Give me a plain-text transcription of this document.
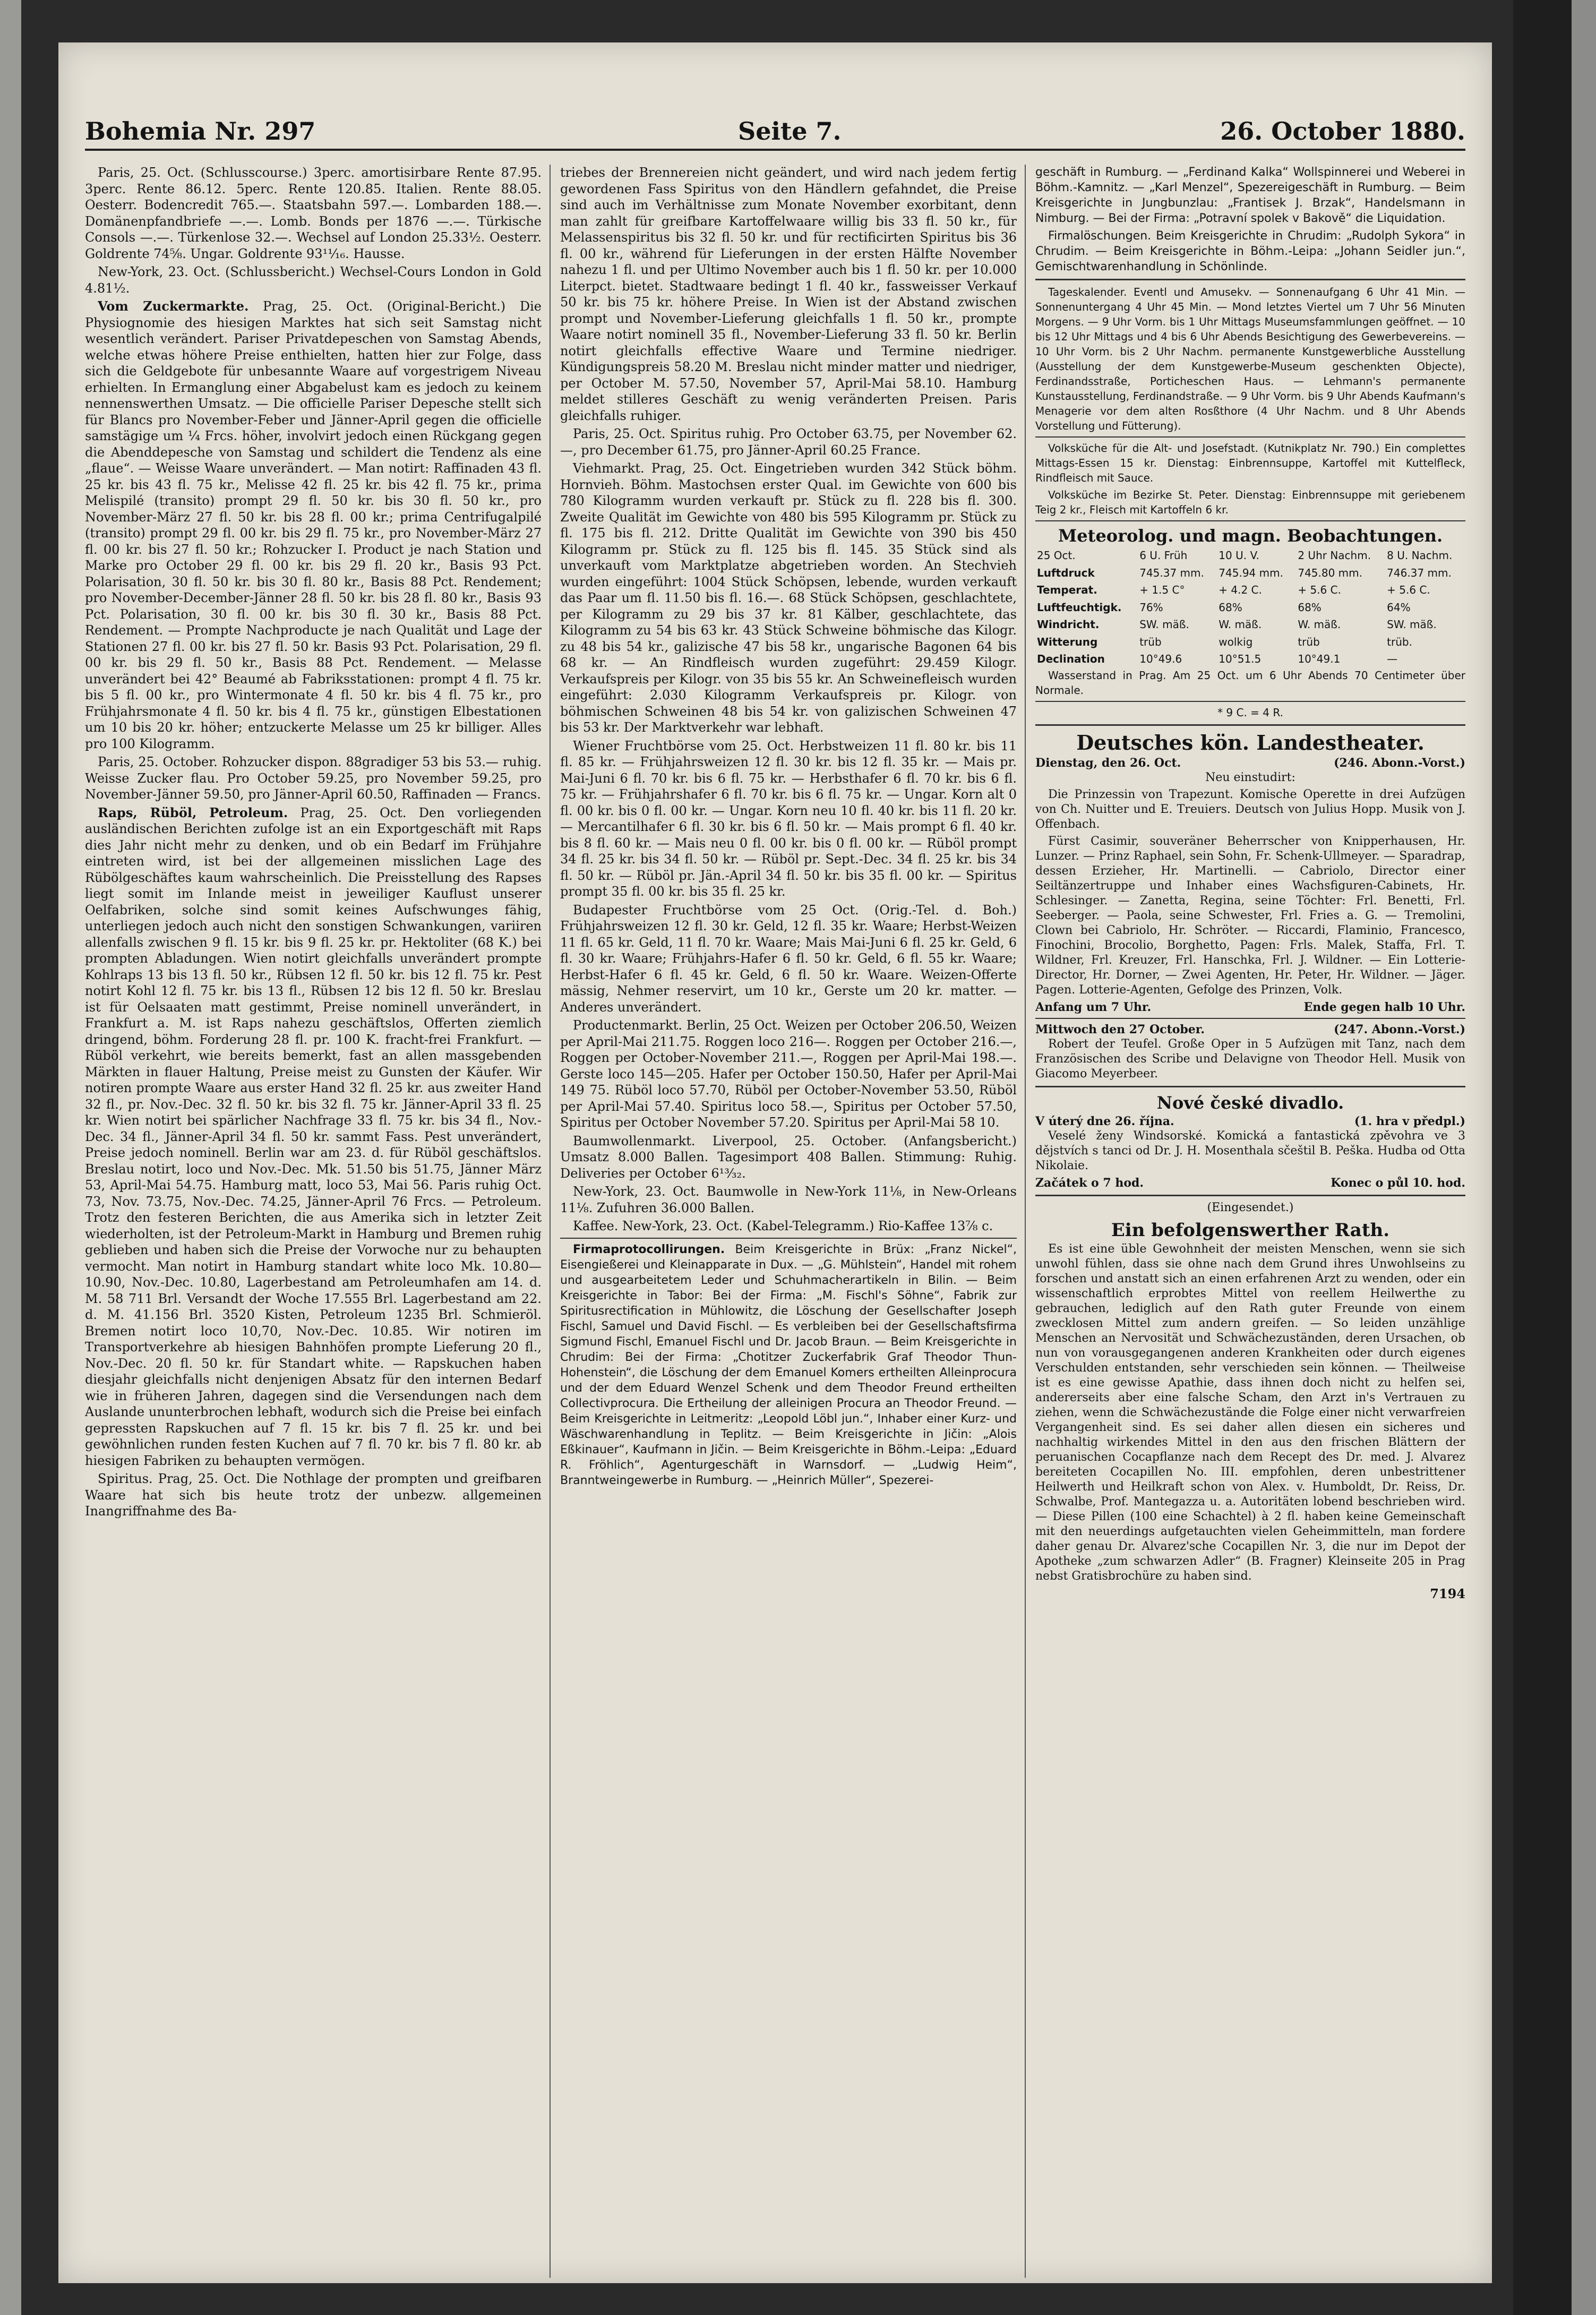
Bohemia Nr. 297	Seite 7.	26. October 1880.

Paris, 25. Oct. (Schlusscourse.) 3perc. amortisirbare Rente 87.95. 3perc. Rente 86.12. 5perc. Rente 120.85. Italien. Rente 88.05. Oesterr. Bodencredit 765.—. Staatsbahn 597.—. Lombarden 188.—. Domänenpfandbriefe —.—. Lomb. Bonds per 1876 —.—. Türkische Consols —.—. Türkenlose 32.—. Wechsel auf London 25.33½. Oesterr. Goldrente 74⅝. Ungar. Goldrente 93¹¹⁄₁₆. Hausse.

New-York, 23. Oct. (Schlussbericht.) Wechsel-Cours London in Gold 4.81½.

Vom Zuckermarkte. Prag, 25. Oct. (Original-Bericht.) Die Physiognomie des hiesigen Marktes hat sich seit Samstag nicht wesentlich verändert. Pariser Privatdepeschen von Samstag Abends, welche etwas höhere Preise enthielten, hatten hier zur Folge, dass sich die Geldgebote für unbesannte Waare auf vorgestrigem Niveau erhielten. In Ermanglung einer Abgabelust kam es jedoch zu keinem nennenswerthen Umsatz. — Die officielle Pariser Depesche stellt sich für Blancs pro November-Feber und Jänner-April gegen die officielle samstägige um ¼ Frcs. höher, involvirt jedoch einen Rückgang gegen die Abenddepesche von Samstag und schildert die Tendenz als eine „flaue“. — Weisse Waare unverändert. — Man notirt: Raffinaden 43 fl. 25 kr. bis 43 fl. 75 kr., Melisse 42 fl. 25 kr. bis 42 fl. 75 kr., prima Melispilé (transito) prompt 29 fl. 50 kr. bis 30 fl. 50 kr., pro November-März 27 fl. 50 kr. bis 28 fl. 00 kr.; prima Centrifugalpilé (transito) prompt 29 fl. 00 kr. bis 29 fl. 75 kr., pro November-März 27 fl. 00 kr. bis 27 fl. 50 kr.; Rohzucker I. Product je nach Station und Marke pro October 29 fl. 00 kr. bis 29 fl. 20 kr., Basis 93 Pct. Polarisation, 30 fl. 50 kr. bis 30 fl. 80 kr., Basis 88 Pct. Rendement; pro November-December-Jänner 28 fl. 50 kr. bis 28 fl. 80 kr., Basis 93 Pct. Polarisation, 30 fl. 00 kr. bis 30 fl. 30 kr., Basis 88 Pct. Rendement. — Prompte Nachproducte je nach Qualität und Lage der Stationen 27 fl. 00 kr. bis 27 fl. 50 kr. Basis 93 Pct. Polarisation, 29 fl. 00 kr. bis 29 fl. 50 kr., Basis 88 Pct. Rendement. — Melasse unverändert bei 42° Beaumé ab Fabriksstationen: prompt 4 fl. 75 kr. bis 5 fl. 00 kr., pro Wintermonate 4 fl. 50 kr. bis 4 fl. 75 kr., pro Frühjahrsmonate 4 fl. 50 kr. bis 4 fl. 75 kr., günstigen Elbestationen um 10 bis 20 kr. höher; entzuckerte Melasse um 25 kr billiger. Alles pro 100 Kilogramm.

Paris, 25. October. Rohzucker dispon. 88gradiger 53 bis 53.— ruhig. Weisse Zucker flau. Pro October 59.25, pro November 59.25, pro November-Jänner 59.50, pro Jänner-April 60.50, Raffinaden — Francs.

Raps, Rüböl, Petroleum. Prag, 25. Oct. Den vorliegenden ausländischen Berichten zufolge ist an ein Exportgeschäft mit Raps dies Jahr nicht mehr zu denken, und ob ein Bedarf im Frühjahre eintreten wird, ist bei der allgemeinen misslichen Lage des Rübölgeschäftes kaum wahrscheinlich. Die Preisstellung des Rapses liegt somit im Inlande meist in jeweiliger Kauflust unserer Oelfabriken, solche sind somit keines Aufschwunges fähig, unterliegen jedoch auch nicht den sonstigen Schwankungen, variiren allenfalls zwischen 9 fl. 15 kr. bis 9 fl. 25 kr. pr. Hektoliter (68 K.) bei prompten Abladungen. Wien notirt gleichfalls unverändert prompte Kohlraps 13 bis 13 fl. 50 kr., Rübsen 12 fl. 50 kr. bis 12 fl. 75 kr. Pest notirt Kohl 12 fl. 75 kr. bis 13 fl., Rübsen 12 bis 12 fl. 50 kr. Breslau ist für Oelsaaten matt gestimmt, Preise nominell unverändert, in Frankfurt a. M. ist Raps nahezu geschäftslos, Offerten ziemlich dringend, böhm. Forderung 28 fl. pr. 100 K. fracht-frei Frankfurt. — Rüböl verkehrt, wie bereits bemerkt, fast an allen massgebenden Märkten in flauer Haltung, Preise meist zu Gunsten der Käufer. Wir notiren prompte Waare aus erster Hand 32 fl. 25 kr. aus zweiter Hand 32 fl., pr. Nov.-Dec. 32 fl. 50 kr. bis 32 fl. 75 kr. Jänner-April 33 fl. 25 kr. Wien notirt bei spärlicher Nachfrage 33 fl. 75 kr. bis 34 fl., Nov.-Dec. 34 fl., Jänner-April 34 fl. 50 kr. sammt Fass. Pest unverändert, Preise jedoch nominell. Berlin war am 23. d. für Rüböl geschäftslos. Breslau notirt, loco und Nov.-Dec. Mk. 51.50 bis 51.75, Jänner März 53, April-Mai 54.75. Hamburg matt, loco 53, Mai 56. Paris ruhig Oct. 73, Nov. 73.75, Nov.-Dec. 74.25, Jänner-April 76 Frcs. — Petroleum. Trotz den festeren Berichten, die aus Amerika sich in letzter Zeit wiederholten, ist der Petroleum-Markt in Hamburg und Bremen ruhig geblieben und haben sich die Preise der Vorwoche nur zu behaupten vermocht. Man notirt in Hamburg standart white loco Mk. 10.80—10.90, Nov.-Dec. 10.80, Lagerbestand am Petroleumhafen am 14. d. M. 58 711 Brl. Versandt der Woche 17.555 Brl. Lagerbestand am 22. d. M. 41.156 Brl. 3520 Kisten, Petroleum 1235 Brl. Schmieröl. Bremen notirt loco 10,70, Nov.-Dec. 10.85. Wir notiren im Transportverkehre ab hiesigen Bahnhöfen prompte Lieferung 20 fl., Nov.-Dec. 20 fl. 50 kr. für Standart white. — Rapskuchen haben diesjahr gleichfalls nicht denjenigen Absatz für den internen Bedarf wie in früheren Jahren, dagegen sind die Versendungen nach dem Auslande ununterbrochen lebhaft, wodurch sich die Preise bei einfach gepressten Rapskuchen auf 7 fl. 15 kr. bis 7 fl. 25 kr. und bei gewöhnlichen runden festen Kuchen auf 7 fl. 70 kr. bis 7 fl. 80 kr. ab hiesigen Fabriken zu behaupten vermögen.

Spiritus. Prag, 25. Oct. Die Nothlage der prompten und greifbaren Waare hat sich bis heute trotz der unbezw. allgemeinen Inangriffnahme des Ba-

triebes der Brennereien nicht geändert, und wird nach jedem fertig gewordenen Fass Spiritus von den Händlern gefahndet, die Preise sind auch im Verhältnisse zum Monate November exorbitant, denn man zahlt für greifbare Kartoffelwaare willig bis 33 fl. 50 kr., für Melassenspiritus bis 32 fl. 50 kr. und für rectificirten Spiritus bis 36 fl. 00 kr., während für Lieferungen in der ersten Hälfte November nahezu 1 fl. und per Ultimo November auch bis 1 fl. 50 kr. per 10.000 Literpct. bietet. Stadtwaare bedingt 1 fl. 40 kr., fassweisser Verkauf 50 kr. bis 75 kr. höhere Preise. In Wien ist der Abstand zwischen prompt und November-Lieferung gleichfalls 1 fl. 50 kr., prompte Waare notirt nominell 35 fl., November-Lieferung 33 fl. 50 kr. Berlin notirt gleichfalls effective Waare und Termine niedriger. Kündigungspreis 58.20 M. Breslau nicht minder matter und niedriger, per October M. 57.50, November 57, April-Mai 58.10. Hamburg meldet stilleres Geschäft zu wenig veränderten Preisen. Paris gleichfalls ruhiger.

Paris, 25. Oct. Spiritus ruhig. Pro October 63.75, per November 62.—, pro December 61.75, pro Jänner-April 60.25 France.

Viehmarkt. Prag, 25. Oct. Eingetrieben wurden 342 Stück böhm. Hornvieh. Böhm. Mastochsen erster Qual. im Gewichte von 600 bis 780 Kilogramm wurden verkauft pr. Stück zu fl. 228 bis fl. 300. Zweite Qualität im Gewichte von 480 bis 595 Kilogramm pr. Stück zu fl. 175 bis fl. 212. Dritte Qualität im Gewichte von 390 bis 450 Kilogramm pr. Stück zu fl. 125 bis fl. 145. 35 Stück sind als unverkauft vom Marktplatze abgetrieben worden. An Stechvieh wurden eingeführt: 1004 Stück Schöpsen, lebende, wurden verkauft das Paar um fl. 11.50 bis fl. 16.—. 68 Stück Schöpsen, geschlachtete, per Kilogramm zu 29 bis 37 kr. 81 Kälber, geschlachtete, das Kilogramm zu 54 bis 63 kr. 43 Stück Schweine böhmische das Kilogr. zu 48 bis 54 kr., galizische 47 bis 58 kr., ungarische Bagonen 64 bis 68 kr. — An Rindfleisch wurden zugeführt: 29.459 Kilogr. Verkaufspreis per Kilogr. von 35 bis 55 kr. An Schweinefleisch wurden eingeführt: 2.030 Kilogramm Verkaufspreis pr. Kilogr. von böhmischen Schweinen 48 bis 54 kr. von galizischen Schweinen 47 bis 53 kr. Der Marktverkehr war lebhaft.

Wiener Fruchtbörse vom 25. Oct. Herbstweizen 11 fl. 80 kr. bis 11 fl. 85 kr. — Frühjahrsweizen 12 fl. 30 kr. bis 12 fl. 35 kr. — Mais pr. Mai-Juni 6 fl. 70 kr. bis 6 fl. 75 kr. — Herbsthafer 6 fl. 70 kr. bis 6 fl. 75 kr. — Frühjahrshafer 6 fl. 70 kr. bis 6 fl. 75 kr. — Ungar. Korn alt 0 fl. 00 kr. bis 0 fl. 00 kr. — Ungar. Korn neu 10 fl. 40 kr. bis 11 fl. 20 kr. — Mercantilhafer 6 fl. 30 kr. bis 6 fl. 50 kr. — Mais prompt 6 fl. 40 kr. bis 8 fl. 60 kr. — Mais neu 0 fl. 00 kr. bis 0 fl. 00 kr. — Rüböl prompt 34 fl. 25 kr. bis 34 fl. 50 kr. — Rüböl pr. Sept.-Dec. 34 fl. 25 kr. bis 34 fl. 50 kr. — Rüböl pr. Jän.-April 34 fl. 50 kr. bis 35 fl. 00 kr. — Spiritus prompt 35 fl. 00 kr. bis 35 fl. 25 kr.

Budapester Fruchtbörse vom 25 Oct. (Orig.-Tel. d. Boh.) Frühjahrsweizen 12 fl. 30 kr. Geld, 12 fl. 35 kr. Waare; Herbst-Weizen 11 fl. 65 kr. Geld, 11 fl. 70 kr. Waare; Mais Mai-Juni 6 fl. 25 kr. Geld, 6 fl. 30 kr. Waare; Frühjahrs-Hafer 6 fl. 50 kr. Geld, 6 fl. 55 kr. Waare; Herbst-Hafer 6 fl. 45 kr. Geld, 6 fl. 50 kr. Waare. Weizen-Offerte mässig, Nehmer reservirt, um 10 kr., Gerste um 20 kr. matter. — Anderes unverändert.

Productenmarkt. Berlin, 25 Oct. Weizen per October 206.50, Weizen per April-Mai 211.75. Roggen loco 216—. Roggen per October 216.—, Roggen per October-November 211.—, Roggen per April-Mai 198.—. Gerste loco 145—205. Hafer per October 150.50, Hafer per April-Mai 149 75. Rüböl loco 57.70, Rüböl per October-November 53.50, Rüböl per April-Mai 57.40. Spiritus loco 58.—, Spiritus per October 57.50, Spiritus per October November 57.20. Spiritus per April-Mai 58 10.

Baumwollenmarkt. Liverpool, 25. October. (Anfangsbericht.) Umsatz 8.000 Ballen. Tagesimport 408 Ballen. Stimmung: Ruhig. Deliveries per October 6¹³⁄₃₂.

New-York, 23. Oct. Baumwolle in New-York 11⅛, in New-Orleans 11⅛. Zufuhren 36.000 Ballen.

Kaffee. New-York, 23. Oct. (Kabel-Telegramm.) Rio-Kaffee 13⅞ c.

Firmaprotocollirungen. Beim Kreisgerichte in Brüx: „Franz Nickel“, Eisengießerei und Kleinapparate in Dux. — „G. Mühlstein“, Handel mit rohem und ausgearbeitetem Leder und Schuhmacherartikeln in Bilin. — Beim Kreisgerichte in Tabor: Bei der Firma: „M. Fischl's Söhne“, Fabrik zur Spiritusrectification in Mühlowitz, die Löschung der Gesellschafter Joseph Fischl, Samuel und David Fischl. — Es verbleiben bei der Gesellschaftsfirma Sigmund Fischl, Emanuel Fischl und Dr. Jacob Braun. — Beim Kreisgerichte in Chrudim: Bei der Firma: „Chotitzer Zuckerfabrik Graf Theodor Thun-Hohenstein“, die Löschung der dem Emanuel Komers ertheilten Alleinprocura und der dem Eduard Wenzel Schenk und dem Theodor Freund ertheilten Collectivprocura. Die Ertheilung der alleinigen Procura an Theodor Freund. — Beim Kreisgerichte in Leitmeritz: „Leopold Löbl jun.“, Inhaber einer Kurz- und Wäschwarenhandlung in Teplitz. — Beim Kreisgerichte in Jičin: „Alois Eßkinauer“, Kaufmann in Jičin. — Beim Kreisgerichte in Böhm.-Leipa: „Eduard R. Fröhlich“, Agenturgeschäft in Warnsdorf. — „Ludwig Heim“, Branntweingewerbe in Rumburg. — „Heinrich Müller“, Spezerei-

geschäft in Rumburg. — „Ferdinand Kalka“ Wollspinnerei und Weberei in Böhm.-Kamnitz. — „Karl Menzel“, Spezereigeschäft in Rumburg. — Beim Kreisgerichte in Jungbunzlau: „Frantisek J. Brzak“, Handelsmann in Nimburg. — Bei der Firma: „Potravní spolek v Bakově“ die Liquidation.

Firmalöschungen. Beim Kreisgerichte in Chrudim: „Rudolph Sykora“ in Chrudim. — Beim Kreisgerichte in Böhm.-Leipa: „Johann Seidler jun.“, Gemischtwarenhandlung in Schönlinde.

Tageskalender. Eventl und Amusekv. — Sonnenaufgang 6 Uhr 41 Min. — Sonnenuntergang 4 Uhr 45 Min. — Mond letztes Viertel um 7 Uhr 56 Minuten Morgens. — 9 Uhr Vorm. bis 1 Uhr Mittags Museumsfammlungen geöffnet. — 10 bis 12 Uhr Mittags und 4 bis 6 Uhr Abends Besichtigung des Gewerbevereins. — 10 Uhr Vorm. bis 2 Uhr Nachm. permanente Kunstgewerbliche Ausstellung (Ausstellung der dem Kunstgewerbe-Museum geschenkten Objecte), Ferdinandsstraße, Porticheschen Haus. — Lehmann's permanente Kunstausstellung, Ferdinandstraße. — 9 Uhr Vorm. bis 9 Uhr Abends Kaufmann's Menagerie vor dem alten Rosßthore (4 Uhr Nachm. und 8 Uhr Abends Vorstellung und Fütterung).

Volksküche für die Alt- und Josefstadt. (Kutnikplatz Nr. 790.) Ein complettes Mittags-Essen 15 kr. Dienstag: Einbrennsuppe, Kartoffel mit Kuttelfleck, Rindfleisch mit Sauce.

Volksküche im Bezirke St. Peter. Dienstag: Einbrennsuppe mit geriebenem Teig 2 kr., Fleisch mit Kartoffeln 6 kr.

Meteorolog. und magn. Beobachtungen.
25 Oct.	6 U. Früh	10 U. V.	2 Uhr Nachm.	8 U. Nachm.
Luftdruck	745.37 mm.	745.94 mm.	745.80 mm.	746.37 mm.
Temperat.	+ 1.5 C°	+ 4.2 C.	+ 5.6 C.	+ 5.6 C.
Luftfeuchtigk.	76%	68%	68%	64%
Windricht.	SW. mäß.	W. mäß.	W. mäß.	SW. mäß.
Witterung	trüb	wolkig	trüb	trüb.
Declination	10°49.6	10°51.5	10°49.1	—

Wasserstand in Prag. Am 25 Oct. um 6 Uhr Abends 70 Centimeter über Normale.

* 9 C. = 4 R.

Deutsches kön. Landestheater.
Dienstag, den 26. Oct.	(246. Abonn.-Vorst.)

Neu einstudirt:

Die Prinzessin von Trapezunt. Komische Operette in drei Aufzügen von Ch. Nuitter und E. Treuiers. Deutsch von Julius Hopp. Musik von J. Offenbach.

Fürst Casimir, souveräner Beherrscher von Knipperhausen, Hr. Lunzer. — Prinz Raphael, sein Sohn, Fr. Schenk-Ullmeyer. — Sparadrap, dessen Erzieher, Hr. Martinelli. — Cabriolo, Director einer Seiltänzertruppe und Inhaber eines Wachsfiguren-Cabinets, Hr. Schlesinger. — Zanetta, Regina, seine Töchter: Frl. Benetti, Frl. Seeberger. — Paola, seine Schwester, Frl. Fries a. G. — Tremolini, Clown bei Cabriolo, Hr. Schröter. — Riccardi, Flaminio, Francesco, Finochini, Brocolio, Borghetto, Pagen: Frls. Malek, Staffa, Frl. T. Wildner, Frl. Kreuzer, Frl. Hanschka, Frl. J. Wildner. — Ein Lotterie-Director, Hr. Dorner, — Zwei Agenten, Hr. Peter, Hr. Wildner. — Jäger. Pagen. Lotterie-Agenten, Gefolge des Prinzen, Volk.

Anfang um 7 Uhr.	Ende gegen halb 10 Uhr.
Mittwoch den 27 October.	(247. Abonn.-Vorst.)

Robert der Teufel. Große Oper in 5 Aufzügen mit Tanz, nach dem Französischen des Scribe und Delavigne von Theodor Hell. Musik von Giacomo Meyerbeer.

Nové české divadlo.
V úterý dne 26. října.	(1. hra v předpl.)

Veselé ženy Windsorské. Komická a fantastická zpěvohra ve 3 dějstvích s tanci od Dr. J. H. Mosenthala sčeštil B. Peška. Hudba od Otta Nikolaie.

Začátek o 7 hod.	Konec o půl 10. hod.

(Eingesendet.)

Ein befolgenswerther Rath.

Es ist eine üble Gewohnheit der meisten Menschen, wenn sie sich unwohl fühlen, dass sie ohne nach dem Grund ihres Unwohlseins zu forschen und anstatt sich an einen erfahrenen Arzt zu wenden, oder ein wissenschaftlich erprobtes Mittel von reellem Heilwerthe zu gebrauchen, lediglich auf den Rath guter Freunde von einem zwecklosen Mittel zum andern greifen. — So leiden unzählige Menschen an Nervosität und Schwächezuständen, deren Ursachen, ob nun von vorausgegangenen anderen Krankheiten oder durch eigenes Verschulden entstanden, sehr verschieden sein können. — Theilweise ist es eine gewisse Apathie, dass ihnen doch nicht zu helfen sei, andererseits aber eine falsche Scham, den Arzt in's Vertrauen zu ziehen, wenn die Schwächezustände die Folge einer nicht verwarfreien Vergangenheit sind. Es sei daher allen diesen ein sicheres und nachhaltig wirkendes Mittel in den aus den frischen Blättern der peruanischen Cocapflanze nach dem Recept des Dr. med. J. Alvarez bereiteten Cocapillen No. III. empfohlen, deren unbestrittener Heilwerth und Heilkraft schon von Alex. v. Humboldt, Dr. Reiss, Dr. Schwalbe, Prof. Mantegazza u. a. Autoritäten lobend beschrieben wird. — Diese Pillen (100 eine Schachtel) à 2 fl. haben keine Gemeinschaft mit den neuerdings aufgetauchten vielen Geheimmitteln, man fordere daher genau Dr. Alvarez'sche Cocapillen Nr. 3, die nur im Depot der Apotheke „zum schwarzen Adler“ (B. Fragner) Kleinseite 205 in Prag nebst Gratisbrochüre zu haben sind.

7194
